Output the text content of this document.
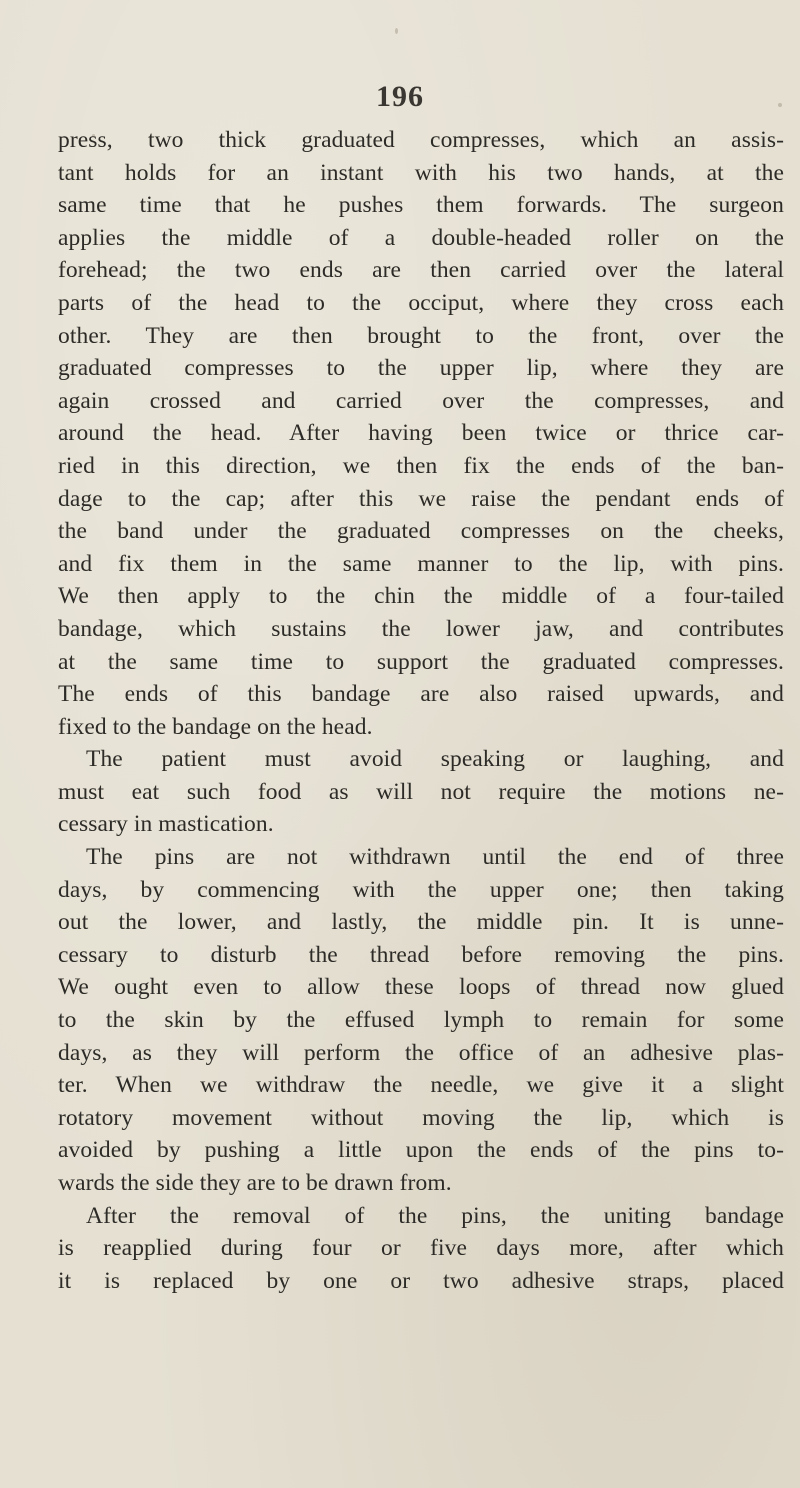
196
press, two thick graduated compresses, which an assis-
tant holds for an instant with his two hands, at the
same time that he pushes them forwards. The surgeon
applies the middle of a double-headed roller on the
forehead; the two ends are then carried over the lateral
parts of the head to the occiput, where they cross each
other. They are then brought to the front, over the
graduated compresses to the upper lip, where they are
again crossed and carried over the compresses, and
around the head. After having been twice or thrice car-
ried in this direction, we then fix the ends of the ban-
dage to the cap; after this we raise the pendant ends of
the band under the graduated compresses on the cheeks,
and fix them in the same manner to the lip, with pins.
We then apply to the chin the middle of a four-tailed
bandage, which sustains the lower jaw, and contributes
at the same time to support the graduated compresses.
The ends of this bandage are also raised upwards, and
fixed to the bandage on the head.
The patient must avoid speaking or laughing, and
must eat such food as will not require the motions ne-
cessary in mastication.
The pins are not withdrawn until the end of three
days, by commencing with the upper one; then taking
out the lower, and lastly, the middle pin. It is unne-
cessary to disturb the thread before removing the pins.
We ought even to allow these loops of thread now glued
to the skin by the effused lymph to remain for some
days, as they will perform the office of an adhesive plas-
ter. When we withdraw the needle, we give it a slight
rotatory movement without moving the lip, which is
avoided by pushing a little upon the ends of the pins to-
wards the side they are to be drawn from.
After the removal of the pins, the uniting bandage
is reapplied during four or five days more, after which
it is replaced by one or two adhesive straps, placed
